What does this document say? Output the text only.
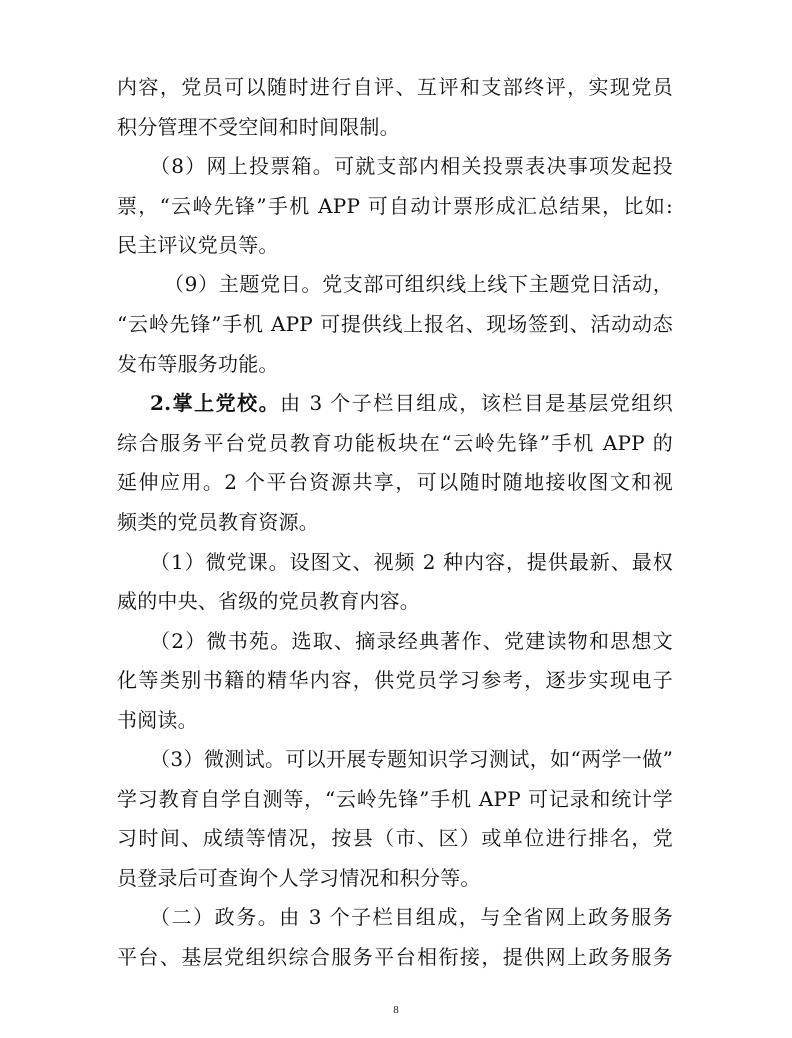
内容，党员可以随时进行自评、互评和支部终评，实现党员
积分管理不受空间和时间限制。
（8）网上投票箱。可就支部内相关投票表决事项发起投
票，“云岭先锋”手机 APP 可自动计票形成汇总结果，比如:
民主评议党员等。
（9）主题党日。党支部可组织线上线下主题党日活动，
“云岭先锋”手机 APP 可提供线上报名、现场签到、活动动态
发布等服务功能。
2.掌上党校。由 3 个子栏目组成，该栏目是基层党组织
综合服务平台党员教育功能板块在“云岭先锋”手机 APP 的
延伸应用。2 个平台资源共享，可以随时随地接收图文和视
频类的党员教育资源。
（1）微党课。设图文、视频 2 种内容，提供最新、最权
威的中央、省级的党员教育内容。
（2）微书苑。选取、摘录经典著作、党建读物和思想文
化等类别书籍的精华内容，供党员学习参考，逐步实现电子
书阅读。
（3）微测试。可以开展专题知识学习测试，如“两学一做”
学习教育自学自测等，“云岭先锋”手机 APP 可记录和统计学
习时间、成绩等情况，按县（市、区）或单位进行排名，党
员登录后可查询个人学习情况和积分等。
（二）政务。由 3 个子栏目组成，与全省网上政务服务
平台、基层党组织综合服务平台相衔接，提供网上政务服务
8
